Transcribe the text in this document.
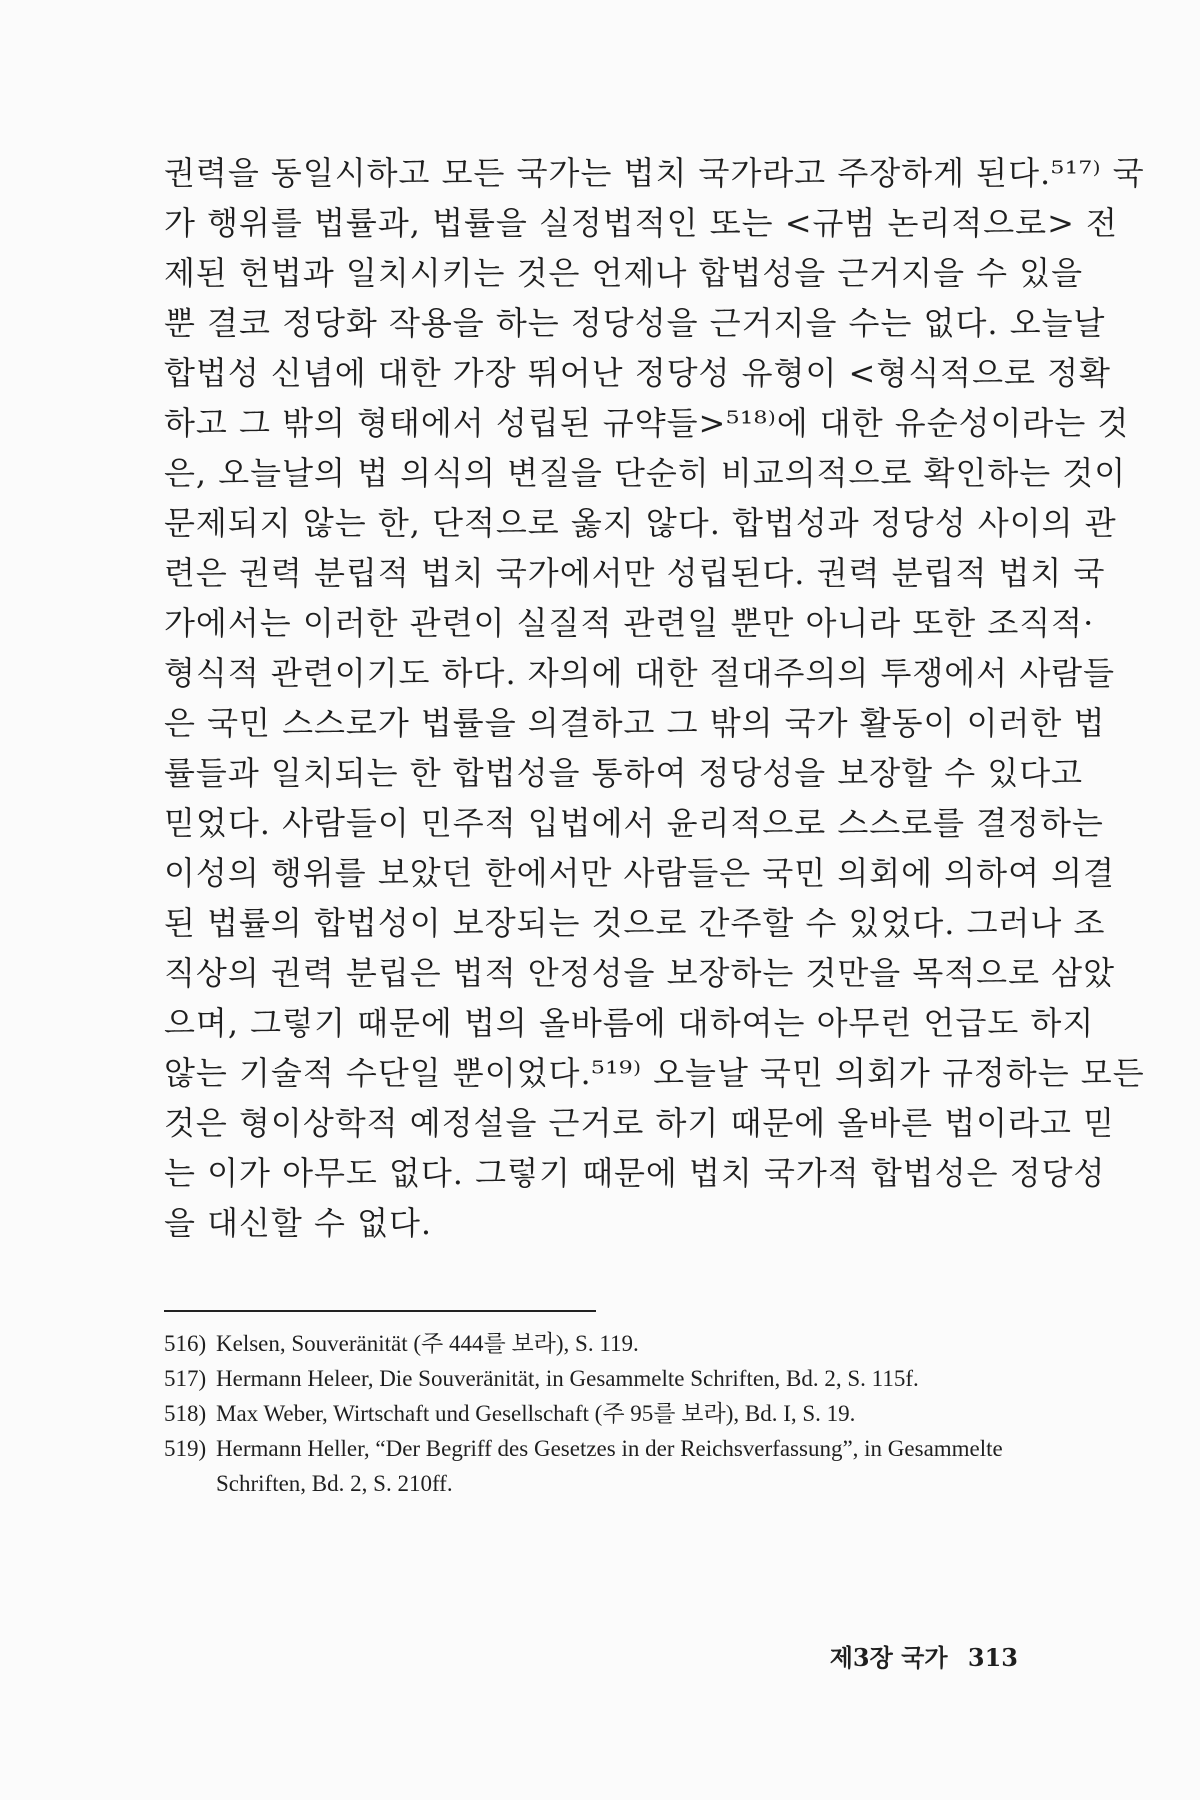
권력을 동일시하고 모든 국가는 법치 국가라고 주장하게 된다.⁵¹⁷⁾ 국
가 행위를 법률과, 법률을 실정법적인 또는 <규범 논리적으로> 전
제된 헌법과 일치시키는 것은 언제나 합법성을 근거지을 수 있을
뿐 결코 정당화 작용을 하는 정당성을 근거지을 수는 없다. 오늘날
합법성 신념에 대한 가장 뛰어난 정당성 유형이 <형식적으로 정확
하고 그 밖의 형태에서 성립된 규약들>⁵¹⁸⁾에 대한 유순성이라는 것
은, 오늘날의 법 의식의 변질을 단순히 비교의적으로 확인하는 것이
문제되지 않는 한, 단적으로 옳지 않다. 합법성과 정당성 사이의 관
련은 권력 분립적 법치 국가에서만 성립된다. 권력 분립적 법치 국
가에서는 이러한 관련이 실질적 관련일 뿐만 아니라 또한 조직적·
형식적 관련이기도 하다. 자의에 대한 절대주의의 투쟁에서 사람들
은 국민 스스로가 법률을 의결하고 그 밖의 국가 활동이 이러한 법
률들과 일치되는 한 합법성을 통하여 정당성을 보장할 수 있다고
믿었다. 사람들이 민주적 입법에서 윤리적으로 스스로를 결정하는
이성의 행위를 보았던 한에서만 사람들은 국민 의회에 의하여 의결
된 법률의 합법성이 보장되는 것으로 간주할 수 있었다. 그러나 조
직상의 권력 분립은 법적 안정성을 보장하는 것만을 목적으로 삼았
으며, 그렇기 때문에 법의 올바름에 대하여는 아무런 언급도 하지
않는 기술적 수단일 뿐이었다.⁵¹⁹⁾ 오늘날 국민 의회가 규정하는 모든
것은 형이상학적 예정설을 근거로 하기 때문에 올바른 법이라고 믿
는 이가 아무도 없다. 그렇기 때문에 법치 국가적 합법성은 정당성
을 대신할 수 없다.
516) Kelsen, Souveränität (주 444를 보라), S. 119.
517) Hermann Heleer, Die Souveränität, in Gesammelte Schriften, Bd. 2, S. 115f.
518) Max Weber, Wirtschaft und Gesellschaft (주 95를 보라), Bd. I, S. 19.
519) Hermann Heller, “Der Begriff des Gesetzes in der Reichsverfassung”, in Gesammelte Schriften, Bd. 2, S. 210ff.
제3장 국가 313
